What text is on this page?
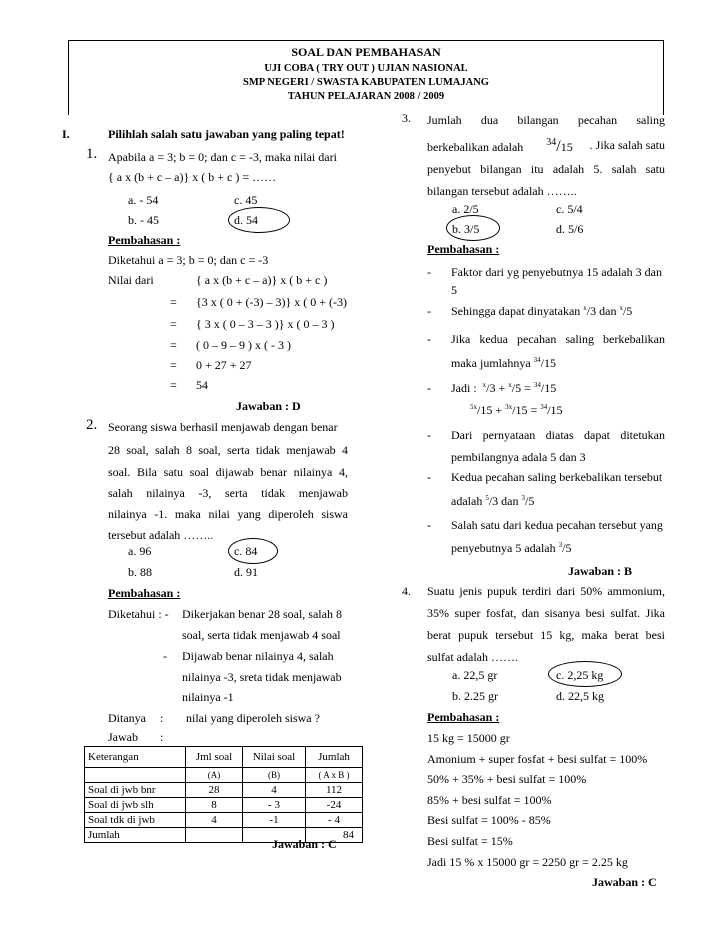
SOAL DAN PEMBAHASAN
UJI COBA ( TRY OUT ) UJIAN NASIONAL
SMP NEGERI / SWASTA KABUPATEN LUMAJANG
TAHUN PELAJARAN 2008 / 2009
I.	Pilihlah salah satu jawaban yang paling tepat!
1. Apabila a = 3; b = 0; dan c = -3, maka nilai dari
{ a x (b + c – a)} x ( b + c ) = ……
a. - 54	c. 45
b. - 45	d. 54
Pembahasan :
Diketahui a = 3; b = 0; dan c = -3
Nilai dari	{ a x (b + c – a)} x ( b + c )
= {3 x ( 0 + (-3) – 3)} x ( 0 + (-3)
= { 3 x ( 0 – 3 – 3 )} x ( 0 – 3 )
= ( 0 – 9 – 9 ) x ( - 3 )
= 0 + 27 + 27
= 54
Jawaban : D
2. Seorang siswa berhasil menjawab dengan benar
28 soal, salah 8 soal, serta tidak menjawab 4
soal. Bila satu soal dijawab benar nilainya 4,
salah nilainya -3, serta tidak menjawab
nilainya -1. maka nilai yang diperoleh siswa
tersebut adalah ……..
a. 96	c. 84
b. 88	d. 91
Pembahasan :
Diketahui : - Dikerjakan benar 28 soal, salah 8
soal, serta tidak menjawab 4 soal
- Dijawab benar nilainya 4, salah
nilainya -3, sreta tidak menjawab
nilainya -1
Ditanya : nilai yang diperoleh siswa ?
Jawab :
Keterangan	Jml soal	Nilai soal	Jumlah
	(A)	(B)	( A x B )
Soal di jwb bnr	28	4	112
Soal di jwb slh	8	- 3	-24
Soal tdk di jwb	4	-1	- 4
Jumlah			84
Jawaban : C
3. Jumlah dua bilangan pecahan saling
berkebalikan adalah $^{34}$/15 . Jika salah satu
penyebut bilangan itu adalah 5. salah satu
bilangan tersebut adalah ……..
a. 2/5	c. 5/4
b. 3/5	d. 5/6
Pembahasan :
- Faktor dari yg penyebutnya 15 adalah 3 dan
5
- Sehingga dapat dinyatakan $^x$/3 dan $^x$/5
- Jika kedua pecahan saling berkebalikan
maka jumlahnya $^{34}$/15
- Jadi : $^x$/3 + $^x$/5 = $^{34}$/15
$^{5x}$/15 + $^{3x}$/15 = $^{34}$/15
- Dari pernyataan diatas dapat ditetukan
pembilangnya adala 5 dan 3
- Kedua pecahan saling berkebalikan tersebut
adalah $^5$/3 dan $^3$/5
- Salah satu dari kedua pecahan tersebut yang
penyebutnya 5 adalah $^3$/5
Jawaban : B
4. Suatu jenis pupuk terdiri dari 50% ammonium,
35% super fosfat, dan sisanya besi sulfat. Jika
berat pupuk tersebut 15 kg, maka berat besi
sulfat adalah …….
a. 22,5 gr	c. 2,25 kg
b. 2.25 gr	d. 22,5 kg
Pembahasan :
15 kg = 15000 gr
Amonium + super fosfat + besi sulfat = 100%
50% + 35% + besi sulfat = 100%
85% + besi sulfat = 100%
Besi sulfat = 100% - 85%
Besi sulfat = 15%
Jadi 15 % x 15000 gr = 2250 gr = 2.25 kg
Jawaban : C
